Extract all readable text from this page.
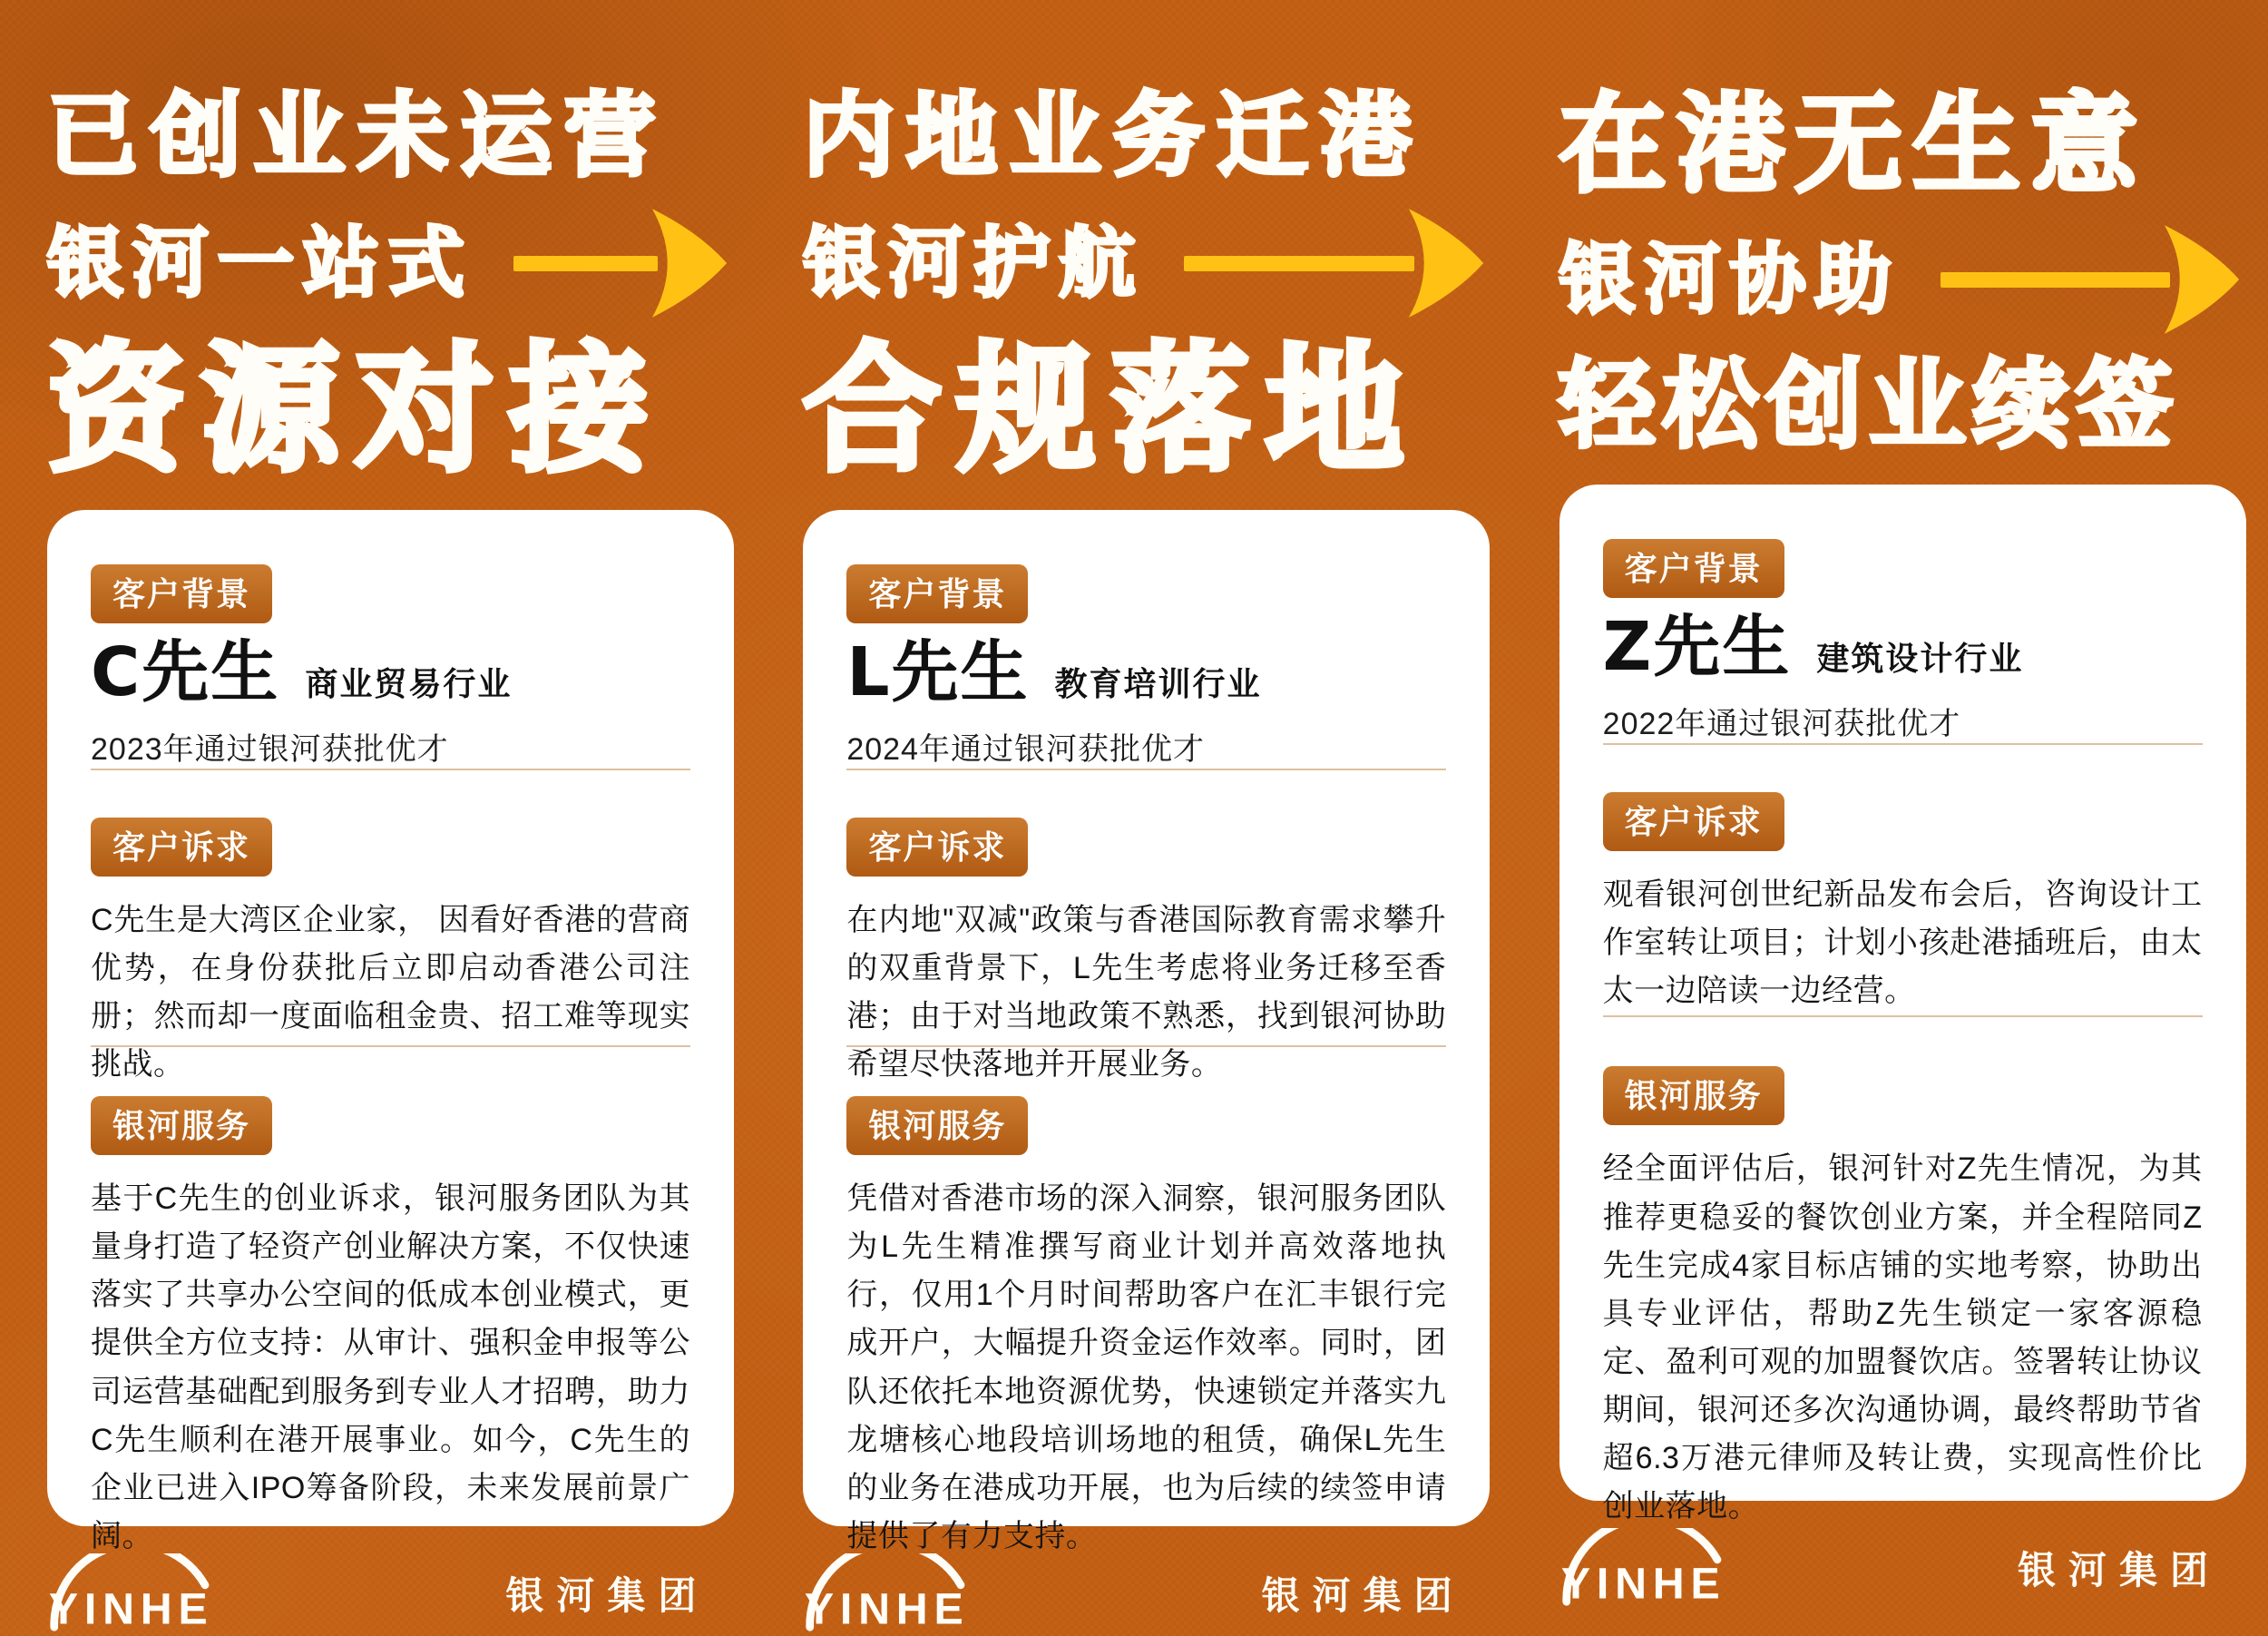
已创业未运营
银河一站式
资源对接
客户背景
C先生 商业贸易行业
2023年通过银河获批优才
客户诉求

C先生是大湾区企业家， 因看好香港的营商优势，在身份获批后立即启动香港公司注册；然而却一度面临租金贵、招工难等现实挑战。

银河服务

基于C先生的创业诉求，银河服务团队为其量身打造了轻资产创业解决方案，不仅快速落实了共享办公空间的低成本创业模式，更提供全方位支持：从审计、强积金申报等公司运营基础配到服务到专业人才招聘，助力C先生顺利在港开展事业。如今，C先生的企业已进入IPO筹备阶段，未来发展前景广阔。

YINHE	银河集团
内地业务迁港
银河护航
合规落地
客户背景
L先生 教育培训行业
2024年通过银河获批优才
客户诉求

在内地"双减"政策与香港国际教育需求攀升的双重背景下，L先生考虑将业务迁移至香港；由于对当地政策不熟悉，找到银河协助希望尽快落地并开展业务。

银河服务

凭借对香港市场的深入洞察，银河服务团队为L先生精准撰写商业计划并高效落地执行，仅用1个月时间帮助客户在汇丰银行完成开户，大幅提升资金运作效率。同时，团队还依托本地资源优势，快速锁定并落实九龙塘核心地段培训场地的租赁，确保L先生的业务在港成功开展，也为后续的续签申请提供了有力支持。

YINHE	银河集团
在港无生意
银河协助
轻松创业续签
客户背景
Z先生 建筑设计行业
2022年通过银河获批优才
客户诉求

观看银河创世纪新品发布会后，咨询设计工作室转让项目；计划小孩赴港插班后，由太太一边陪读一边经营。

银河服务

经全面评估后，银河针对Z先生情况，为其推荐更稳妥的餐饮创业方案，并全程陪同Z先生完成4家目标店铺的实地考察，协助出具专业评估，帮助Z先生锁定一家客源稳定、盈利可观的加盟餐饮店。签署转让协议期间，银河还多次沟通协调，最终帮助节省超6.3万港元律师及转让费，实现高性价比创业落地。

YINHE	银河集团
